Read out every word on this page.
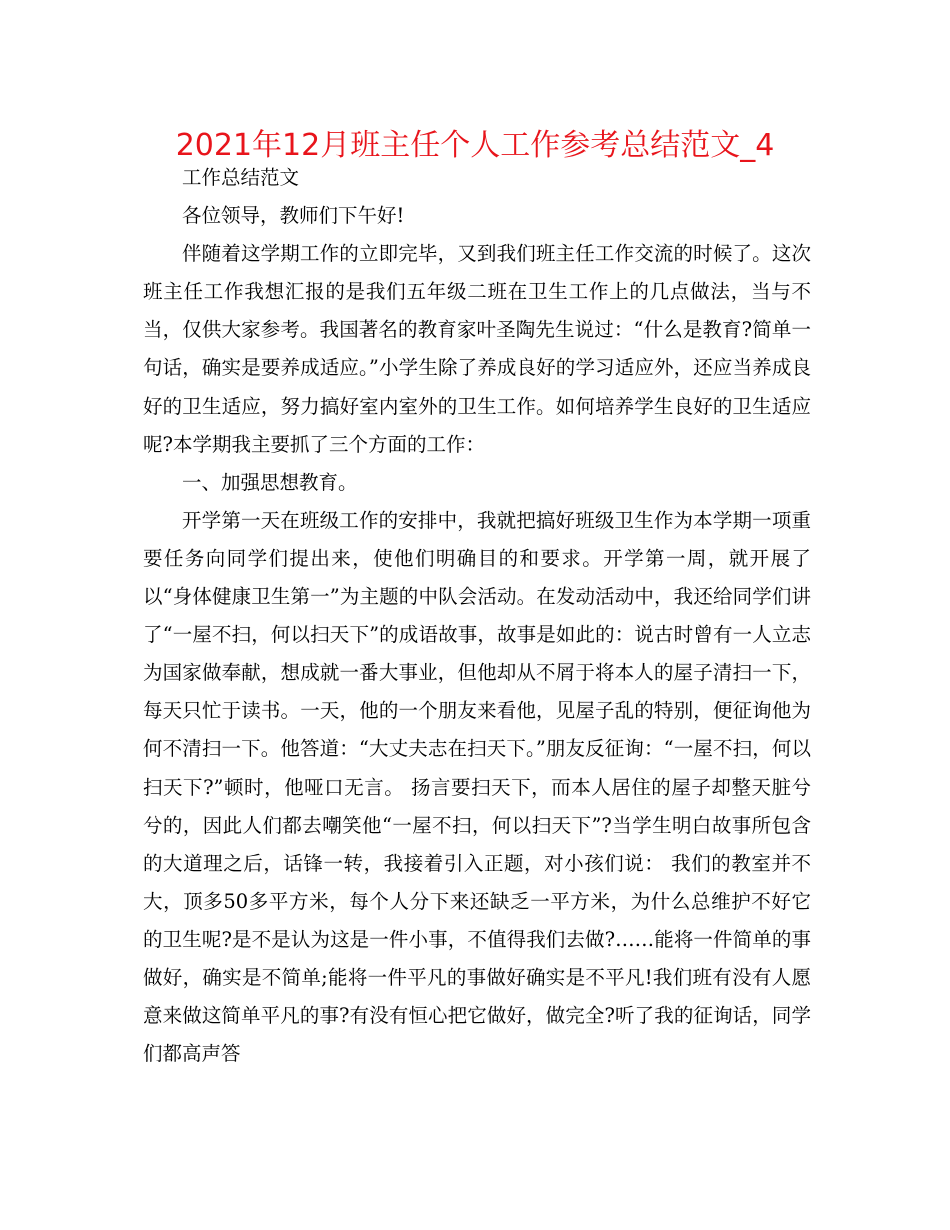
2021年12月班主任个人工作参考总结范文_4

工作总结范文

各位领导，教师们下午好!

伴随着这学期工作的立即完毕，又到我们班主任工作交流的时候了。这次班主任工作我想汇报的是我们五年级二班在卫生工作上的几点做法，当与不当，仅供大家参考。我国著名的教育家叶圣陶先生说过：“什么是教育?简单一句话，确实是要养成适应。”小学生除了养成良好的学习适应外，还应当养成良好的卫生适应，努力搞好室内室外的卫生工作。如何培养学生良好的卫生适应呢?本学期我主要抓了三个方面的工作：

一、加强思想教育。

开学第一天在班级工作的安排中，我就把搞好班级卫生作为本学期一项重要任务向同学们提出来，使他们明确目的和要求。开学第一周，就开展了以“身体健康卫生第一”为主题的中队会活动。在发动活动中，我还给同学们讲了“一屋不扫，何以扫天下”的成语故事，故事是如此的：说古时曾有一人立志为国家做奉献，想成就一番大事业，但他却从不屑于将本人的屋子清扫一下，每天只忙于读书。一天，他的一个朋友来看他，见屋子乱的特别，便征询他为何不清扫一下。他答道：“大丈夫志在扫天下。”朋友反征询：“一屋不扫，何以扫天下?”顿时，他哑口无言。 扬言要扫天下，而本人居住的屋子却整天脏兮兮的，因此人们都去嘲笑他“一屋不扫，何以扫天下”?当学生明白故事所包含的大道理之后，话锋一转，我接着引入正题，对小孩们说： 我们的教室并不大，顶多50多平方米，每个人分下来还缺乏一平方米，为什么总维护不好它的卫生呢?是不是认为这是一件小事，不值得我们去做?……能将一件简单的事做好，确实是不简单;能将一件平凡的事做好确实是不平凡!我们班有没有人愿意来做这简单平凡的事?有没有恒心把它做好，做完全?听了我的征询话，同学们都高声答
